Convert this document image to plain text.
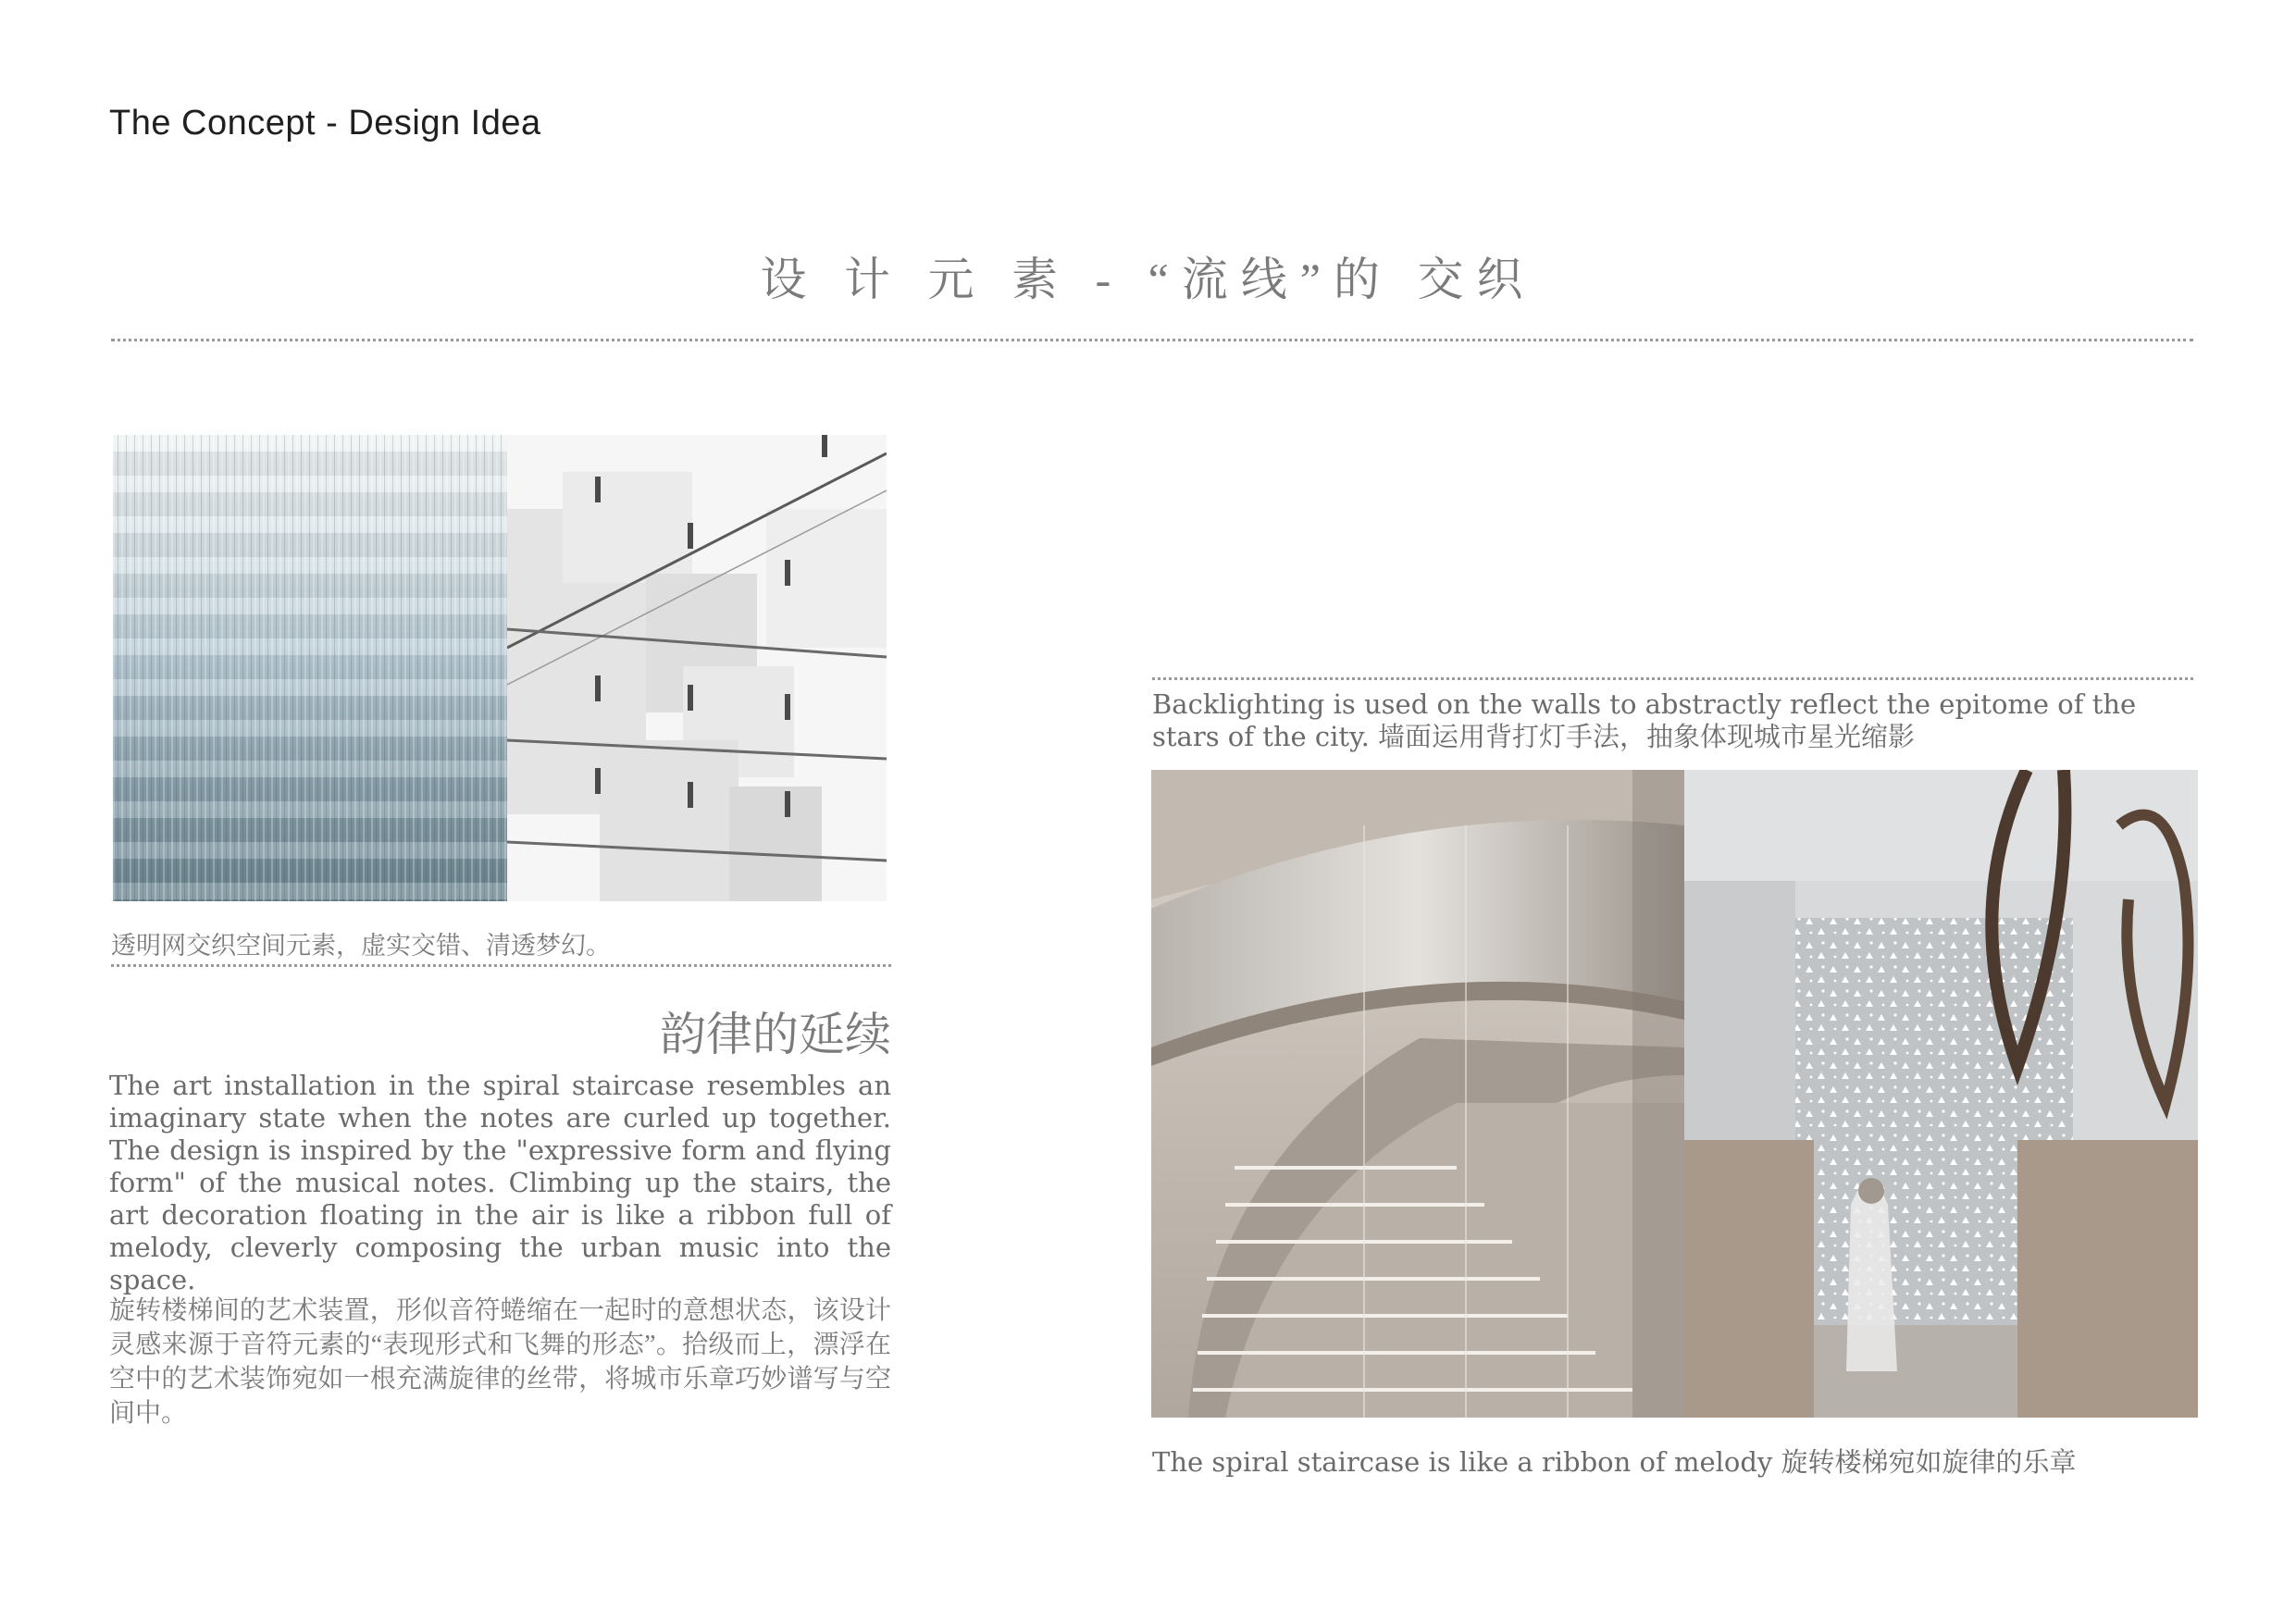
The Concept - Design Idea
设 计 元 素 - “流线”的 交织
透明网交织空间元素，虚实交错、清透梦幻。
韵律的延续
The art installation in the spiral staircase resembles an imaginary state when the notes are curled up together. The design is inspired by the "expressive form and flying form" of the musical notes. Climbing up the stairs, the art decoration floating in the air is like a ribbon full of melody, cleverly composing the urban music into the space.
旋转楼梯间的艺术装置，形似音符蜷缩在一起时的意想状态，该设计灵感来源于音符元素的“表现形式和飞舞的形态”。拾级而上，漂浮在空中的艺术装饰宛如一根充满旋律的丝带，将城市乐章巧妙谱写与空间中。
Backlighting is used on the walls to abstractly reflect the epitome of the stars of the city. 墙面运用背打灯手法，抽象体现城市星光缩影
The spiral staircase is like a ribbon of melody 旋转楼梯宛如旋律的乐章
